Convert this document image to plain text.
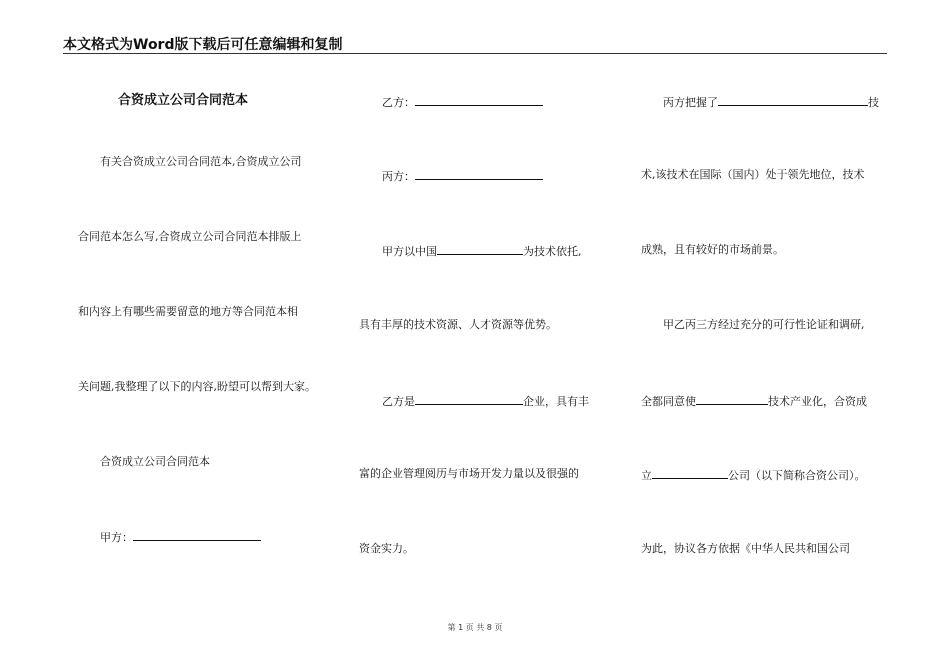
本文格式为Word版下载后可任意编辑和复制
合资成立公司合同范本
有关合资成立公司合同范本,合资成立公司
合同范本怎么写,合资成立公司合同范本排版上
和内容上有哪些需要留意的地方等合同范本相
关问题,我整理了以下的内容,盼望可以帮到大家。
合资成立公司合同范本
甲方：
乙方：
丙方：
甲方以中国	为技术依托,
具有丰厚的技术资源、人才资源等优势。
乙方是	企业，具有丰
富的企业管理阅历与市场开发力量以及很强的
资金实力。
丙方把握了	技
术,该技术在国际（国内）处于领先地位，技术
成熟，且有较好的市场前景。
甲乙丙三方经过充分的可行性论证和调研,
全都同意使	技术产业化，合资成
立	公司（以下简称合资公司）。
为此，协议各方依据《中华人民共和国公司
第 1 页 共 8 页
